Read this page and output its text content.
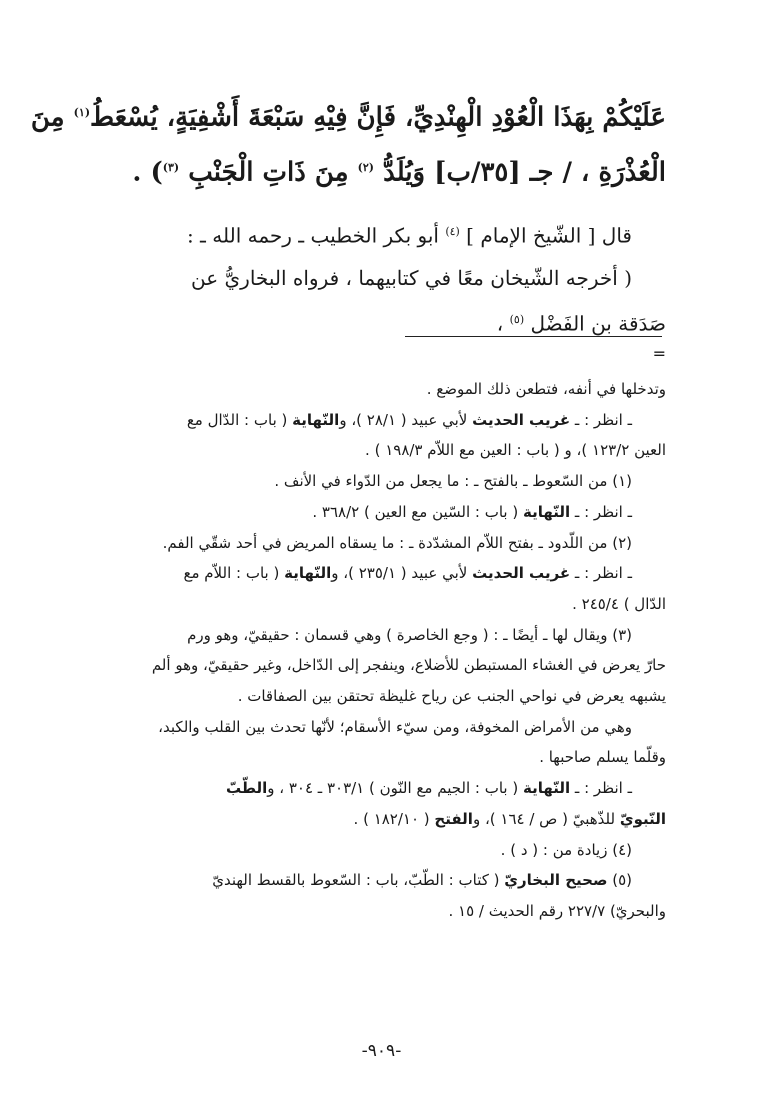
عَلَيْكُمْ بِهَذَا الْعُوْدِ الْهِنْدِيِّ، فَإِنَّ فِيْهِ سَبْعَةَ أَشْفِيَةٍ، يُسْعَطُ$^{(١)}$ مِنَ
الْعُذْرَةِ ، / جـ [٣٥/ب] وَيُلَدُّ $^{(٢)}$ مِنَ ذَاتِ الْجَنْبِ $^{(٣)}$) .
قال [ الشّيخ الإمام ] $^{(٤)}$ أبو بكر الخطيب ـ رحمه الله ـ :
( أخرجه الشّيخان معًا في كتابيهما ، فرواه البخاريُّ عن
صَدَقة بن الفَضْل $^{(٥)}$ ،
=
وتدخلها في أنفه، فتطعن ذلك الموضع .
ـ انظر : ـ غريب الحديث لأبي عبيد ( ٢٨/١ )، والنّهاية ( باب : الدّال مع
العين ١٢٣/٢ )، و ( باب : العين مع اللاّم ١٩٨/٣ ) .
(١) من السّعوط ـ بالفتح ـ : ما يجعل من الدّواء في الأنف .
ـ انظر : ـ النّهاية ( باب : السّين مع العين ) ٣٦٨/٢ .
(٢) من اللّدود ـ بفتح اللاّم المشدّدة ـ : ما يسقاه المريض في أحد شقّي الفم.
ـ انظر : ـ غريب الحديث لأبي عبيد ( ٢٣٥/١ )، والنّهاية ( باب : اللاّم مع
الدّال ) ٢٤٥/٤ .
(٣) ويقال لها ـ أيضًا ـ : ( وجع الخاصرة ) وهي قسمان : حقيقيّ، وهو ورم
حارّ يعرض في الغشاء المستبطن للأضلاع، وينفجر إلى الدّاخل، وغير حقيقيّ، وهو ألم
يشبهه يعرض في نواحي الجنب عن رياح غليظة تحتقن بين الصفاقات .
وهي من الأمراض المخوفة، ومن سيّء الأسقام؛ لأنّها تحدث بين القلب والكبد،
وقلّما يسلم صاحبها .
ـ انظر : ـ النّهاية ( باب : الجيم مع النّون ) ٣٠٣/١ ـ ٣٠٤ ، والطّبّ
النّبويّ للذّهبيّ ( ص / ١٦٤ )، والفتح ( ١٨٢/١٠ ) .
(٤) زيادة من : ( د ) .
(٥) صحيح البخاريّ ( كتاب : الطّبّ، باب : السّعوط بالقسط الهنديّ
والبحريّ) ٢٢٧/٧ رقم الحديث / ١٥ .
-٩٠٩-
